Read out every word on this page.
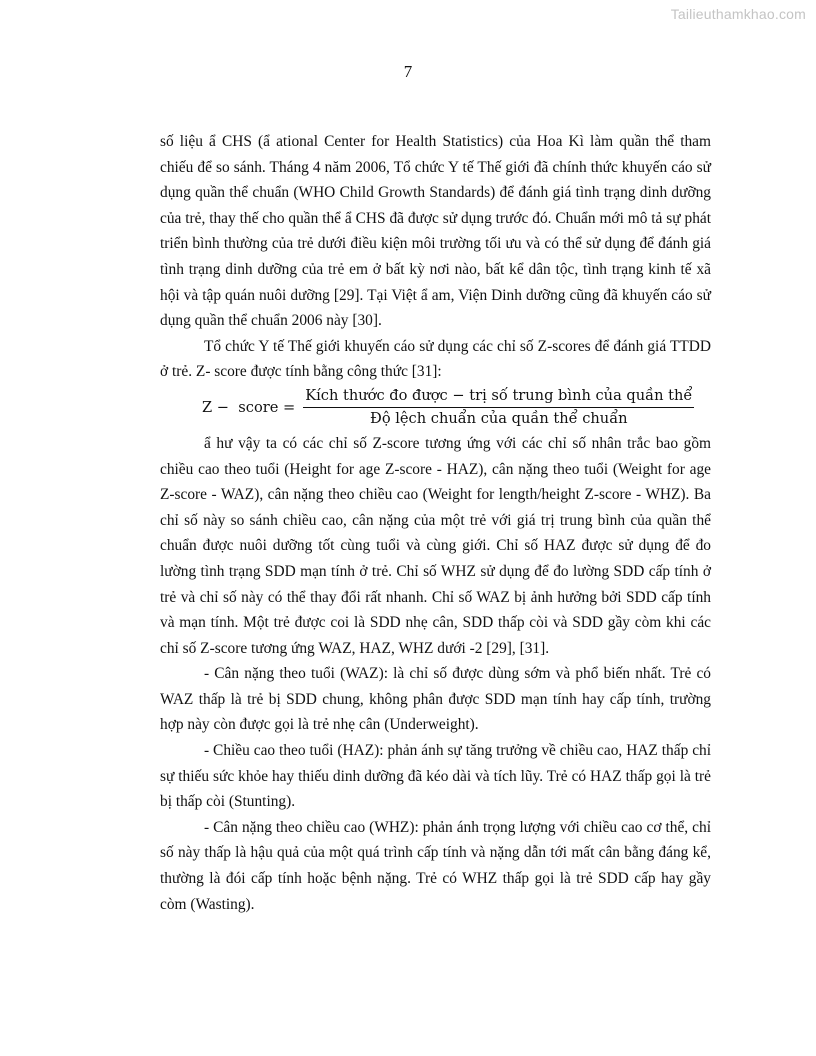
Tailieuthamkhao.com
7

số liệu ẩ CHS (ẩ ational Center for Health Statistics) của Hoa Kì làm quần thể tham chiếu để so sánh. Tháng 4 năm 2006, Tổ chức Y tế Thế giới đã chính thức khuyến cáo sử dụng quần thể chuẩn (WHO Child Growth Standards) để đánh giá tình trạng dinh dưỡng của trẻ, thay thế cho quần thể ẩ CHS đã được sử dụng trước đó. Chuẩn mới mô tả sự phát triển bình thường của trẻ dưới điều kiện môi trường tối ưu và có thể sử dụng để đánh giá tình trạng dinh dưỡng của trẻ em ở bất kỳ nơi nào, bất kể dân tộc, tình trạng kinh tế xã hội và tập quán nuôi dưỡng [29]. Tại Việt ẩ am, Viện Dinh dưỡng cũng đã khuyến cáo sử dụng quần thể chuẩn 2006 này [30].

Tổ chức Y tế Thế giới khuyến cáo sử dụng các chỉ số Z-scores để đánh giá TTDD ở trẻ. Z- score được tính bằng công thức [31]:

Z −  score = $\frac{\text{Kích thước đo được − trị số trung bình của quần thể}}{\text{Độ lệch chuẩn của quần thể chuẩn}}$

ẩ hư vậy ta có các chỉ số Z-score tương ứng với các chỉ số nhân trắc bao gồm chiều cao theo tuổi (Height for age Z-score - HAZ), cân nặng theo tuổi (Weight for age Z-score - WAZ), cân nặng theo chiều cao (Weight for length/height Z-score - WHZ). Ba chỉ số này so sánh chiều cao, cân nặng của một trẻ với giá trị trung bình của quần thể chuẩn được nuôi dưỡng tốt cùng tuổi và cùng giới. Chỉ số HAZ được sử dụng để đo lường tình trạng SDD mạn tính ở trẻ. Chỉ số WHZ sử dụng để đo lường SDD cấp tính ở trẻ và chỉ số này có thể thay đổi rất nhanh. Chỉ số WAZ bị ảnh hưởng bởi SDD cấp tính và mạn tính. Một trẻ được coi là SDD nhẹ cân, SDD thấp còi và SDD gầy còm khi các chỉ số Z-score tương ứng WAZ, HAZ, WHZ dưới -2 [29], [31].

- Cân nặng theo tuổi (WAZ): là chỉ số được dùng sớm và phổ biến nhất. Trẻ có WAZ thấp là trẻ bị SDD chung, không phân được SDD mạn tính hay cấp tính, trường hợp này còn được gọi là trẻ nhẹ cân (Underweight).

- Chiều cao theo tuổi (HAZ): phản ánh sự tăng trưởng về chiều cao, HAZ thấp chỉ sự thiếu sức khỏe hay thiếu dinh dưỡng đã kéo dài và tích lũy. Trẻ có HAZ thấp gọi là trẻ bị thấp còi (Stunting).

- Cân nặng theo chiều cao (WHZ): phản ánh trọng lượng với chiều cao cơ thể, chỉ số này thấp là hậu quả của một quá trình cấp tính và nặng dẫn tới mất cân bằng đáng kể, thường là đói cấp tính hoặc bệnh nặng. Trẻ có WHZ thấp gọi là trẻ SDD cấp hay gầy còm (Wasting).
